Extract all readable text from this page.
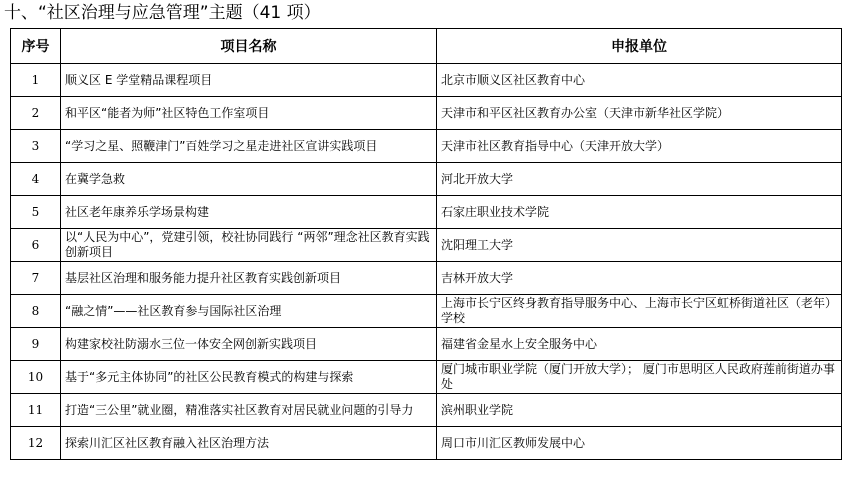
十、“社区治理与应急管理”主题（41 项）
序号	项目名称	申报单位
1	顺义区 E 学堂精品课程项目	北京市顺义区社区教育中心
2	和平区“能者为师”社区特色工作室项目	天津市和平区社区教育办公室（天津市新华社区学院）
3	“学习之星、照鞭津门”百姓学习之星走进社区宣讲实践项目	天津市社区教育指导中心（天津开放大学）
4	在冀学急救	河北开放大学
5	社区老年康养乐学场景构建	石家庄职业技术学院
6	以“人民为中心”，党建引领，校社协同践行 “两邻”理念社区教育实践创新项目	沈阳理工大学
7	基层社区治理和服务能力提升社区教育实践创新项目	吉林开放大学
8	“融之情”——社区教育参与国际社区治理	上海市长宁区终身教育指导服务中心、上海市长宁区虹桥街道社区（老年）学校
9	构建家校社防溺水三位一体安全网创新实践项目	福建省金星水上安全服务中心
10	基于“多元主体协同”的社区公民教育模式的构建与探索	厦门城市职业学院（厦门开放大学）； 厦门市思明区人民政府莲前街道办事处
11	打造“三公里”就业圈，精准落实社区教育对居民就业问题的引导力	滨州职业学院
12	探索川汇区社区教育融入社区治理方法	周口市川汇区教师发展中心
